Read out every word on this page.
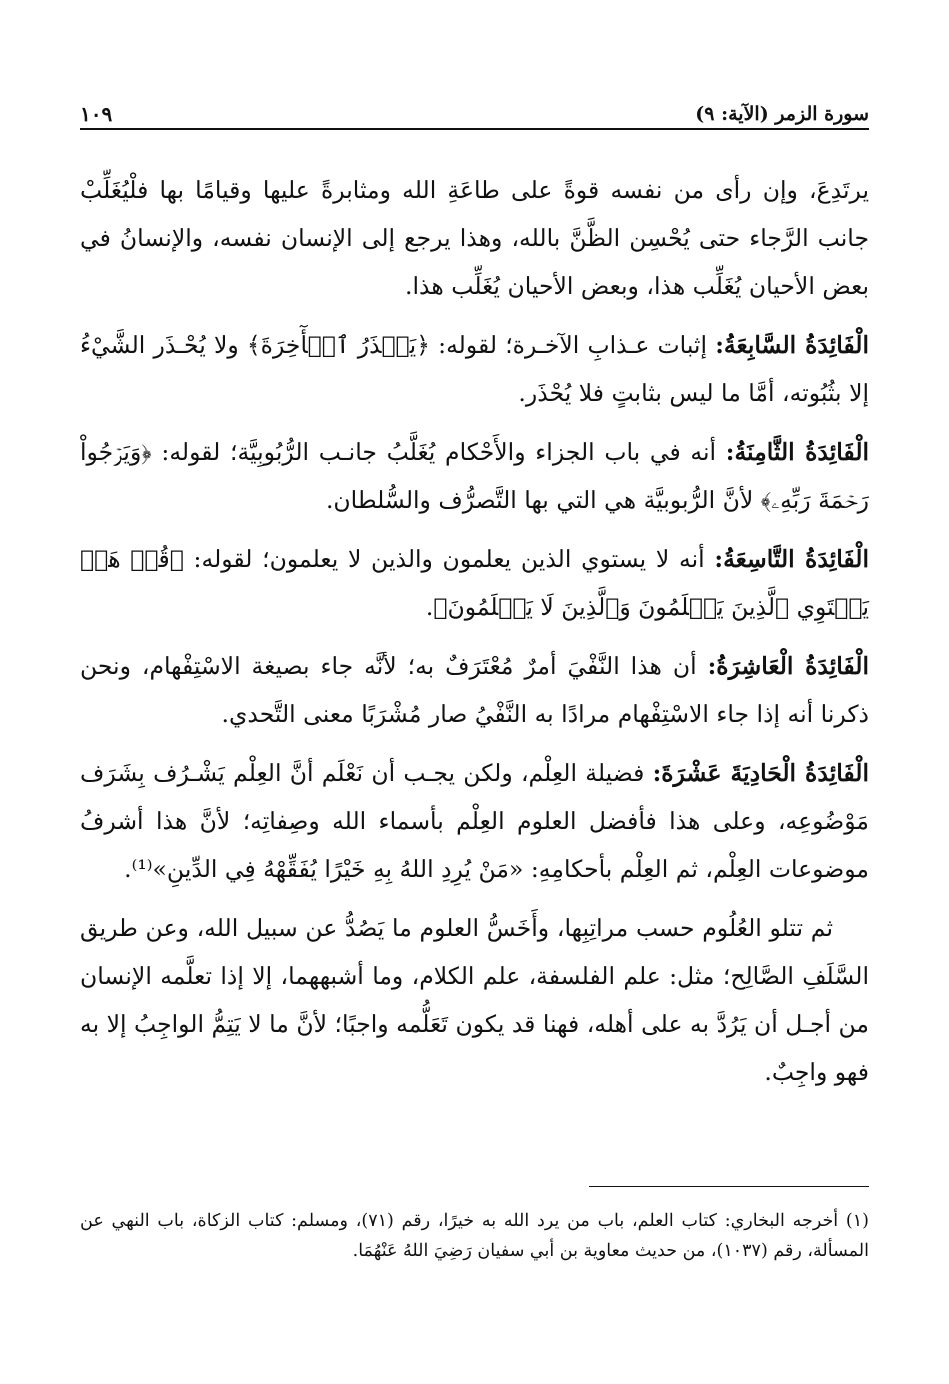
سورة الزمر (الآية: ٩)
١٠٩

يرتَدِعَ، وإن رأى من نفسه قوةً على طاعَةِ الله ومثابرةً عليها وقيامًا بها فلْيُغَلِّبْ جانب الرَّجاء حتى يُحْسِن الظَّنَّ بالله، وهذا يرجع إلى الإنسان نفسه، والإنسانُ في بعض الأحيان يُغَلِّب هذا، وبعض الأحيان يُغَلِّب هذا.

الْفَائِدَةُ السَّابِعَةُ: إثبات عـذابِ الآخـرة؛ لقوله: ﴿يَحۡذَرُ ٱلۡأٓخِرَةَ﴾ ولا يُحْـذَر الشَّيْءُ إلا بثُبُوته، أمَّا ما ليس بثابتٍ فلا يُحْذَر.

الْفَائِدَةُ الثَّامِنَةُ: أنه في باب الجزاء والأَحْكام يُغَلَّبُ جانـب الرُّبُوبِيَّة؛ لقوله: ﴿وَيَرۡجُواْ رَحۡمَةَ رَبِّهِۦ﴾ لأنَّ الرُّبوبيَّة هي التي بها التَّصرُّف والسُّلطان.

الْفَائِدَةُ التَّاسِعَةُ: أنه لا يستوي الذين يعلمون والذين لا يعلمون؛ لقوله: ﴿قُلۡ هَلۡ يَسۡتَوِي ٱلَّذِينَ يَعۡلَمُونَ وَٱلَّذِينَ لَا يَعۡلَمُونَ﴾.

الْفَائِدَةُ الْعَاشِرَةُ: أن هذا النَّفْيَ أمرٌ مُعْتَرَفٌ به؛ لأنَّه جاء بصيغة الاسْتِفْهام، ونحن ذكرنا أنه إذا جاء الاسْتِفْهام مرادًا به النَّفْيُ صار مُشْرَبًا معنى التَّحدي.

الْفَائِدَةُ الْحَادِيَةَ عَشْرَةَ: فضيلة العِلْم، ولكن يجـب أن نَعْلَم أنَّ العِلْم يَشْـرُف بِشَرَف مَوْضُوعِه، وعلى هذا فأفضل العلوم العِلْم بأسماء الله وصِفاتِه؛ لأنَّ هذا أشرفُ موضوعات العِلْم، ثم العِلْم بأحكامِهِ: «مَنْ يُرِدِ اللهُ بِهِ خَيْرًا يُفَقِّهْهُ فِي الدِّينِ»⁽¹⁾.

ثم تتلو العُلُوم حسب مراتِبِها، وأَخَسُّ العلوم ما يَصُدُّ عن سبيل الله، وعن طريق السَّلَفِ الصَّالِح؛ مثل: علم الفلسفة، علم الكلام، وما أشبههما، إلا إذا تعلَّمه الإنسان من أجـل أن يَرُدَّ به على أهله، فهنا قد يكون تَعَلُّمه واجبًا؛ لأنَّ ما لا يَتِمُّ الواجِبُ إلا به فهو واجِبٌ.

(١) أخرجه البخاري: كتاب العلم، باب من يرد الله به خيرًا، رقم (٧١)، ومسلم: كتاب الزكاة، باب النهي عن المسألة، رقم (١٠٣٧)، من حديث معاوية بن أبي سفيان رَضِيَ اللهُ عَنْهُمَا.
